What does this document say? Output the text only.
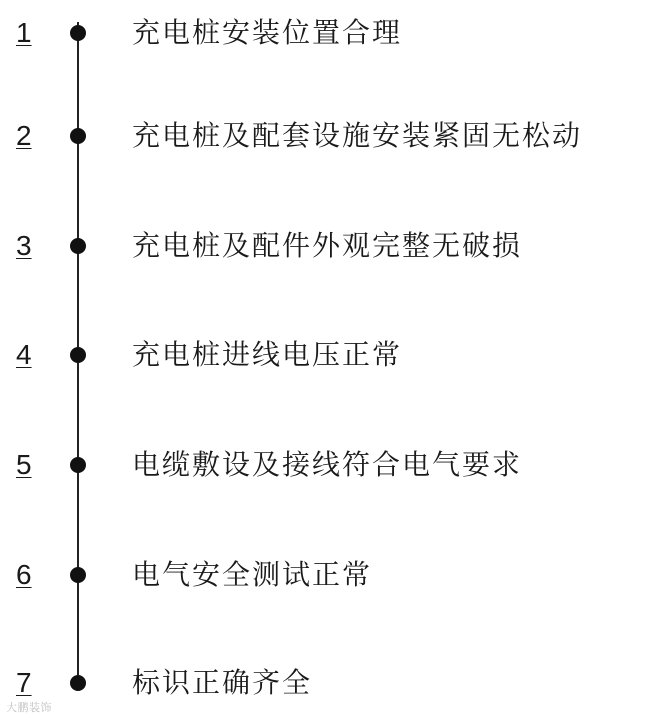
1	充电桩安装位置合理
2	充电桩及配套设施安装紧固无松动
3	充电桩及配件外观完整无破损
4	充电桩进线电压正常
5	电缆敷设及接线符合电气要求
6	电气安全测试正常
7	标识正确齐全
大鹏装饰
